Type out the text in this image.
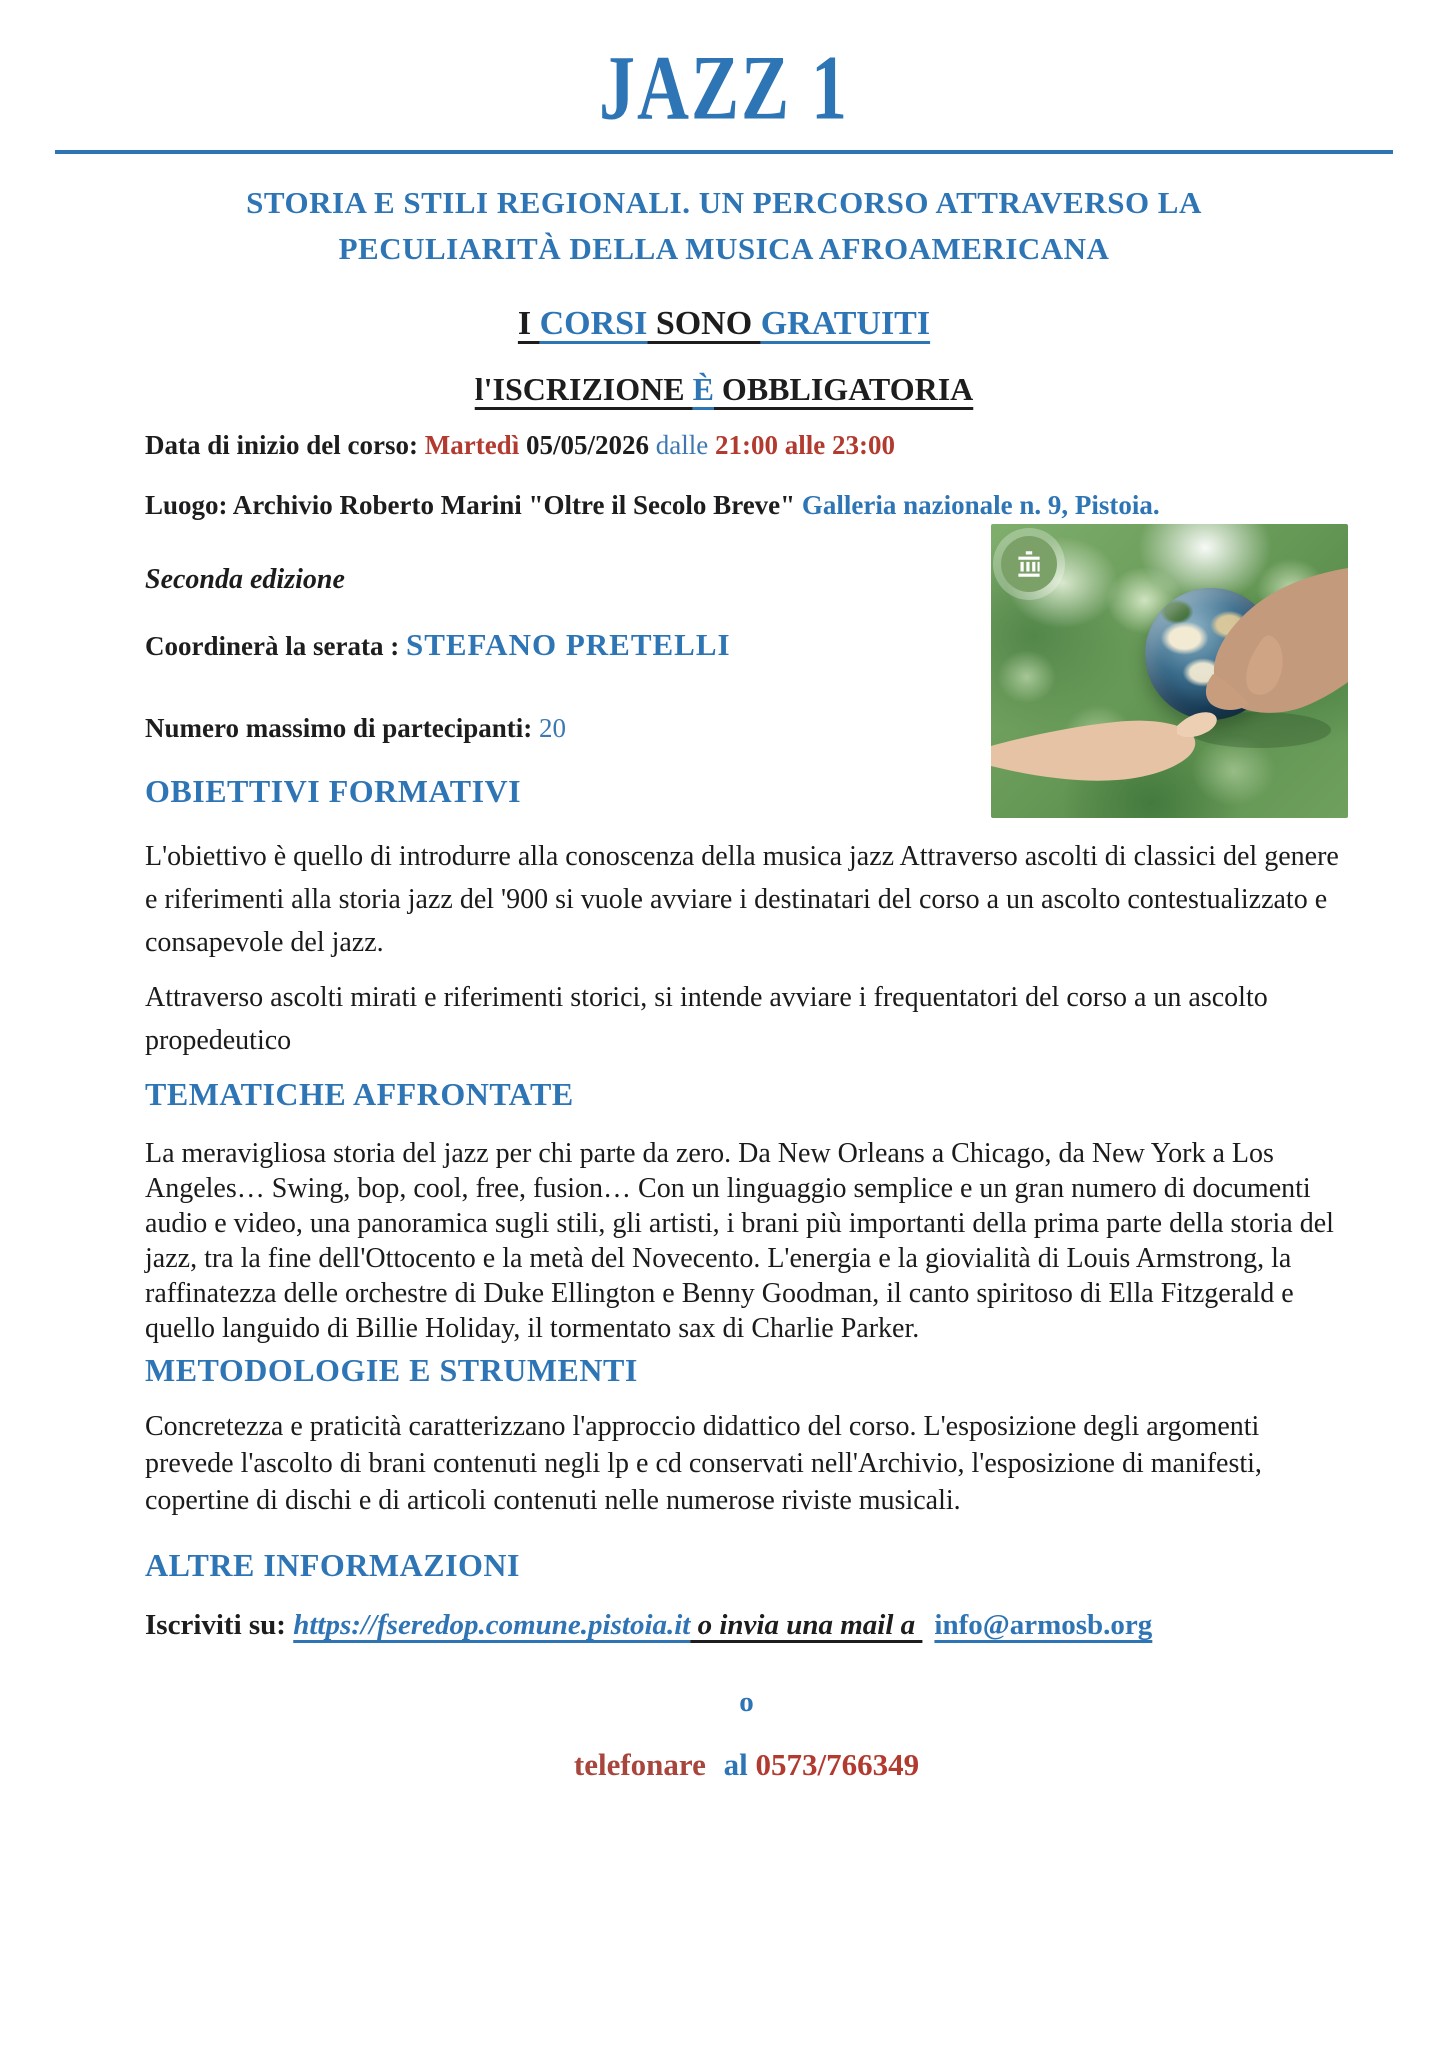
JAZZ 1
STORIA E STILI REGIONALI. UN PERCORSO ATTRAVERSO LA PECULIARITÀ DELLA MUSICA AFROAMERICANA
I CORSI SONO GRATUITI
l'ISCRIZIONE È OBBLIGATORIA

Data di inizio del corso: Martedì 05/05/2026 dalle 21:00 alle 23:00

Luogo: Archivio Roberto Marini "Oltre il Secolo Breve" Galleria nazionale n. 9, Pistoia.

Seconda edizione

Coordinerà la serata : STEFANO PRETELLI

Numero massimo di partecipanti: 20

OBIETTIVI FORMATIVI

L'obiettivo è quello di introdurre alla conoscenza della musica jazz Attraverso ascolti di classici del genere e riferimenti alla storia jazz del '900 si vuole avviare i destinatari del corso a un ascolto contestualizzato e consapevole del jazz.

Attraverso ascolti mirati e riferimenti storici, si intende avviare i frequentatori del corso a un ascolto propedeutico

TEMATICHE AFFRONTATE

La meravigliosa storia del jazz per chi parte da zero. Da New Orleans a Chicago, da New York a Los Angeles… Swing, bop, cool, free, fusion… Con un linguaggio semplice e un gran numero di documenti audio e video, una panoramica sugli stili, gli artisti, i brani più importanti della prima parte della storia del jazz, tra la fine dell'Ottocento e la metà del Novecento. L'energia e la giovialità di Louis Armstrong, la raffinatezza delle orchestre di Duke Ellington e Benny Goodman, il canto spiritoso di Ella Fitzgerald e quello languido di Billie Holiday, il tormentato sax di Charlie Parker.

METODOLOGIE E STRUMENTI

Concretezza e praticità caratterizzano l'approccio didattico del corso. L'esposizione degli argomenti prevede l'ascolto di brani contenuti negli lp e cd conservati nell'Archivio, l'esposizione di manifesti, copertine di dischi e di articoli contenuti nelle numerose riviste musicali.

ALTRE INFORMAZIONI

Iscriviti su: https://fseredop.comune.pistoia.it o invia una mail a info@armosb.org

o

telefonare al 0573/766349
